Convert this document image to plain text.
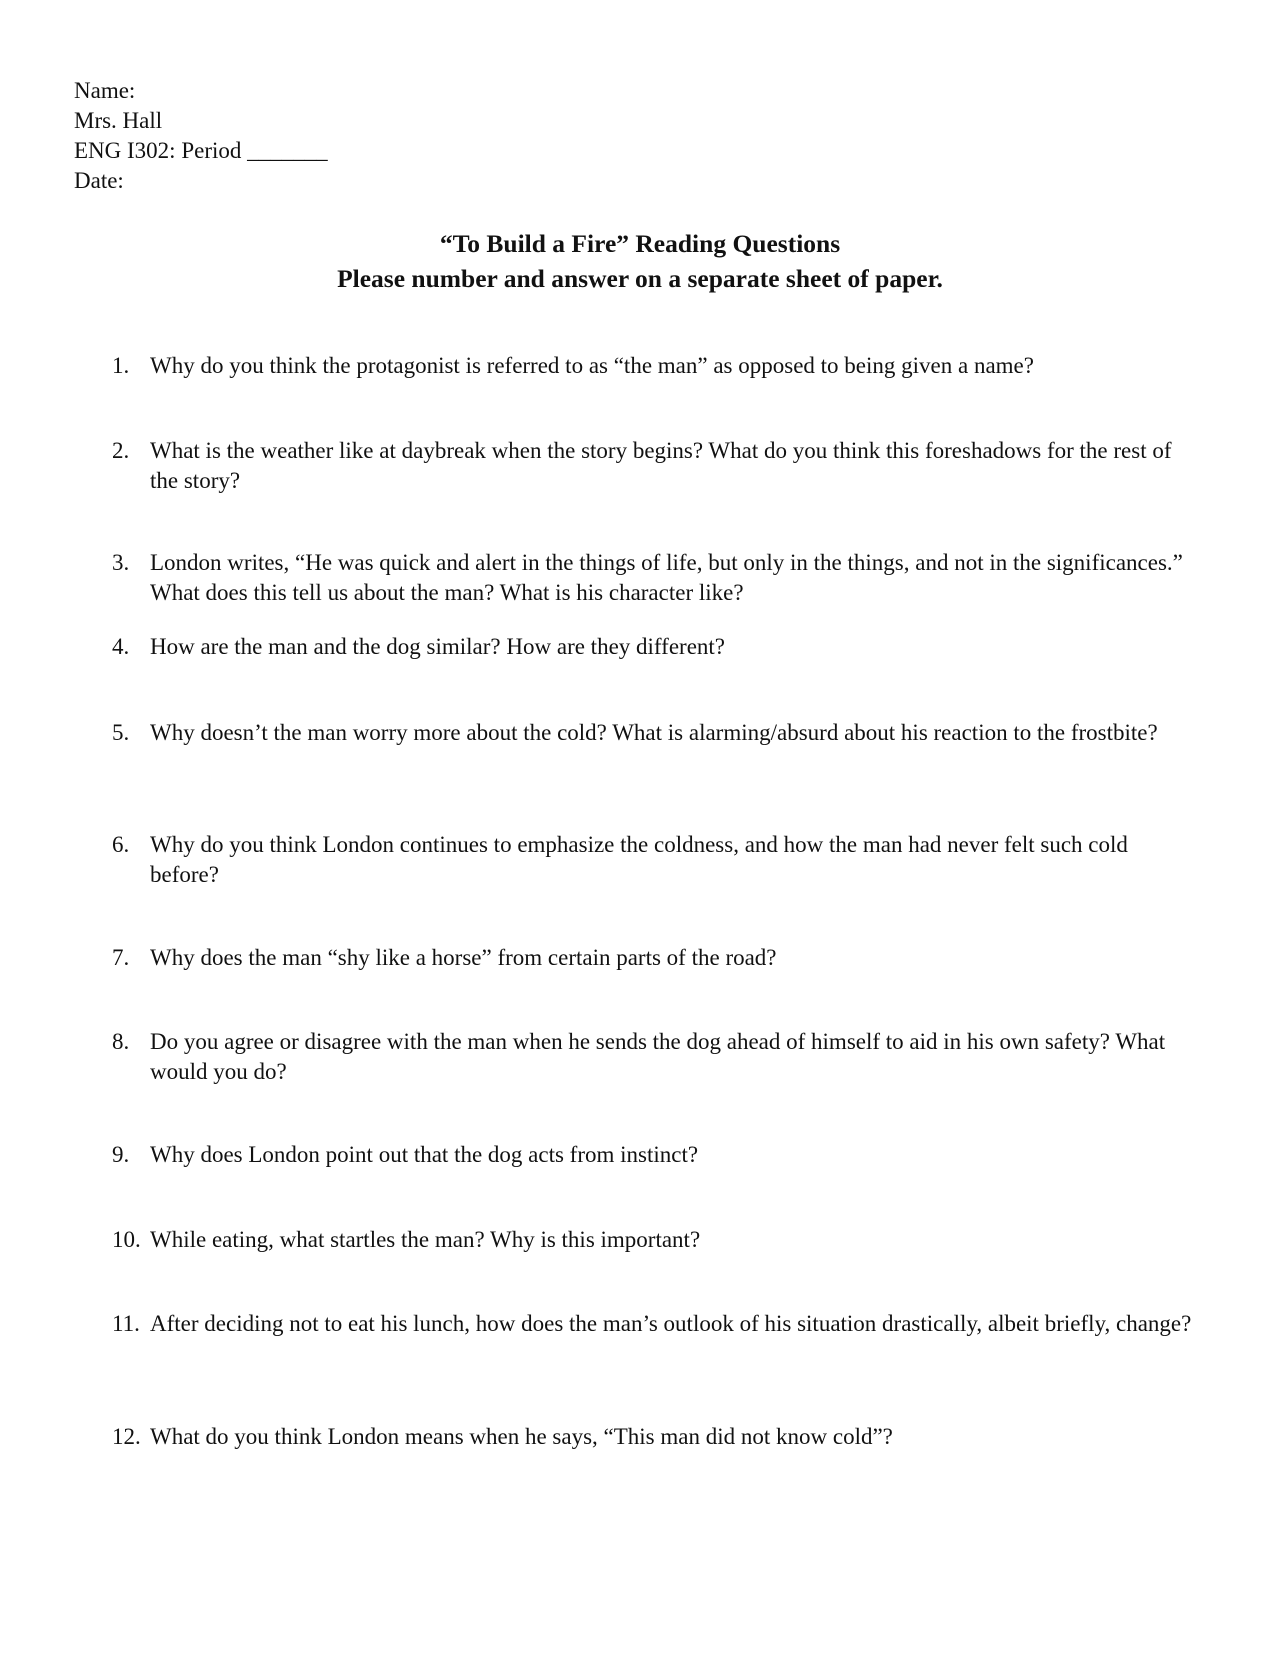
Name:
Mrs. Hall
ENG I302: Period _______
Date:
“To Build a Fire” Reading Questions
Please number and answer on a separate sheet of paper.
1. Why do you think the protagonist is referred to as “the man” as opposed to being given a name?
2. What is the weather like at daybreak when the story begins? What do you think this foreshadows for the rest of the story?
3. London writes, “He was quick and alert in the things of life, but only in the things, and not in the significances.” What does this tell us about the man? What is his character like?
4. How are the man and the dog similar? How are they different?
5. Why doesn’t the man worry more about the cold? What is alarming/absurd about his reaction to the frostbite?
6. Why do you think London continues to emphasize the coldness, and how the man had never felt such cold before?
7. Why does the man “shy like a horse” from certain parts of the road?
8. Do you agree or disagree with the man when he sends the dog ahead of himself to aid in his own safety? What would you do?
9. Why does London point out that the dog acts from instinct?
10. While eating, what startles the man? Why is this important?
11. After deciding not to eat his lunch, how does the man’s outlook of his situation drastically, albeit briefly, change?
12. What do you think London means when he says, “This man did not know cold”?
